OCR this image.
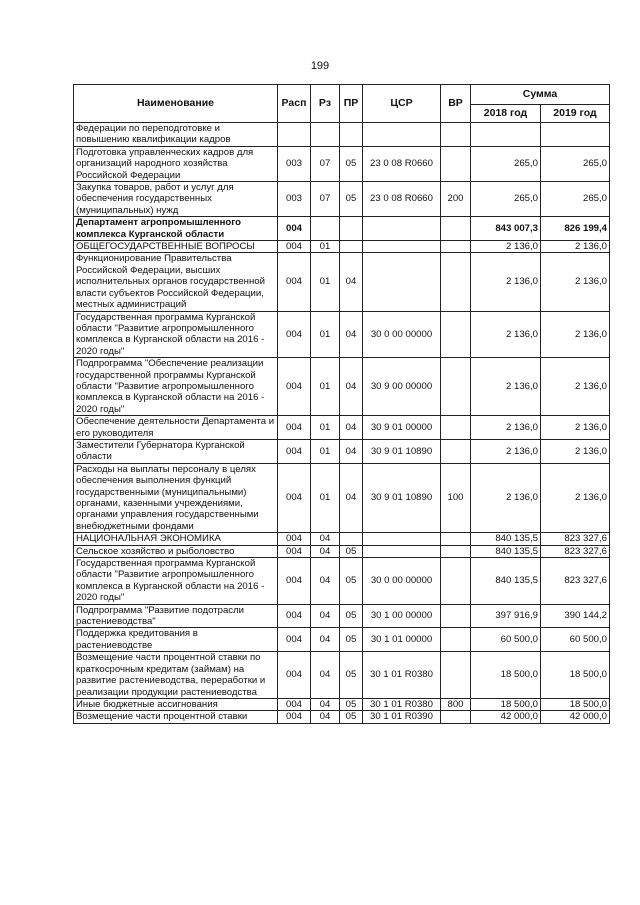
199
Наименование	Расп	Рз	ПР	ЦСР	ВР	Сумма	
						2018 год	2019 год
Федерации по переподготовке и повышению квалификации кадров							
Подготовка управленческих кадров для организаций народного хозяйства Российской Федерации	003	07	05	23 0 08 R0660		265,0	265,0
Закупка товаров, работ и услуг для обеспечения государственных (муниципальных) нужд	003	07	05	23 0 08 R0660	200	265,0	265,0
Департамент агропромышленного комплекса Курганской области	004					843 007,3	826 199,4
ОБЩЕГОСУДАРСТВЕННЫЕ ВОПРОСЫ	004	01				2 136,0	2 136,0
Функционирование Правительства Российской Федерации, высших исполнительных органов государственной власти субъектов Российской Федерации, местных администраций	004	01	04			2 136,0	2 136,0
Государственная программа Курганской области "Развитие агропромышленного комплекса в Курганской области на 2016 - 2020 годы"	004	01	04	30 0 00 00000		2 136,0	2 136,0
Подпрограмма "Обеспечение реализации государственной программы Курганской области "Развитие агропромышленного комплекса в Курганской области на 2016 - 2020 годы"	004	01	04	30 9 00 00000		2 136,0	2 136,0
Обеспечение деятельности Департамента и его руководителя	004	01	04	30 9 01 00000		2 136,0	2 136,0
Заместители Губернатора Курганской области	004	01	04	30 9 01 10890		2 136,0	2 136,0
Расходы на выплаты персоналу в целях обеспечения выполнения функций государственными (муниципальными) органами, казенными учреждениями, органами управления государственными внебюджетными фондами	004	01	04	30 9 01 10890	100	2 136,0	2 136,0
НАЦИОНАЛЬНАЯ ЭКОНОМИКА	004	04				840 135,5	823 327,6
Сельское хозяйство и рыболовство	004	04	05			840 135,5	823 327,6
Государственная программа Курганской области "Развитие агропромышленного комплекса в Курганской области на 2016 - 2020 годы"	004	04	05	30 0 00 00000		840 135,5	823 327,6
Подпрограмма "Развитие подотрасли растениеводства"	004	04	05	30 1 00 00000		397 916,9	390 144,2
Поддержка кредитования в растениеводстве	004	04	05	30 1 01 00000		60 500,0	60 500,0
Возмещение части процентной ставки по краткосрочным кредитам (займам) на развитие растениеводства, переработки и реализации продукции растениеводства	004	04	05	30 1 01 R0380		18 500,0	18 500,0
Иные бюджетные ассигнования	004	04	05	30 1 01 R0380	800	18 500,0	18 500,0
Возмещение части процентной ставки	004	04	05	30 1 01 R0390		42 000,0	42 000,0
